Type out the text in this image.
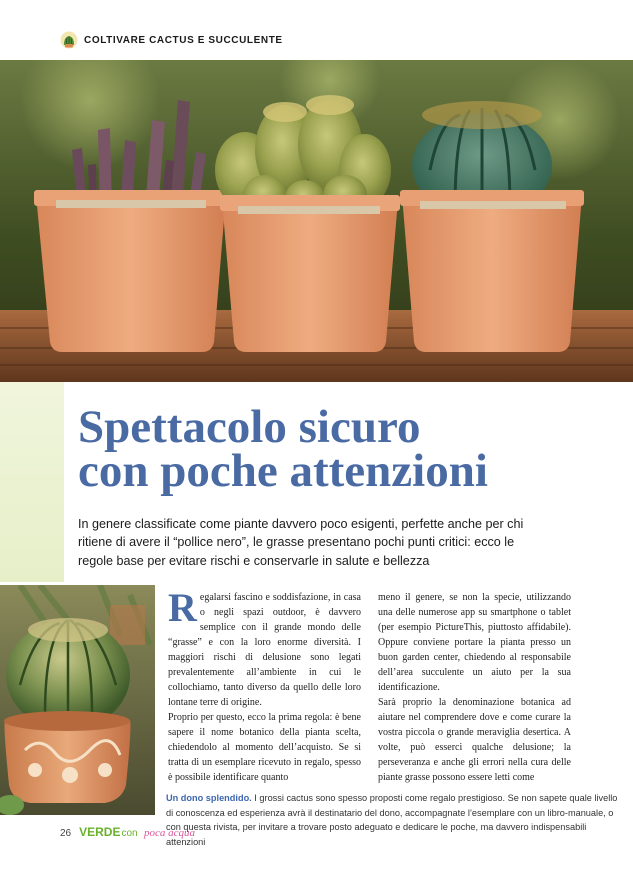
COLTIVARE CACTUS E SUCCULENTE
Spettacolo sicuro
con poche attenzioni

In genere classificate come piante davvero poco esigenti, perfette anche per chi ritiene di avere il “pollice nero”, le grasse presentano pochi punti critici: ecco le regole base per evitare rischi e conservarle in salute e bellezza

Regalarsi fascino e soddisfazione, in casa o negli spazi outdoor, è davvero semplice con il grande mondo delle “grasse” e con la loro enorme diversità. I maggiori rischi di delusione sono legati prevalentemente all’ambiente in cui le collochiamo, tanto diverso da quello delle loro lontane terre di origine.

Proprio per questo, ecco la prima regola: è bene sapere il nome botanico della pianta scelta, chiedendolo al momento dell’acquisto. Se si tratta di un esemplare ricevuto in regalo, spesso è possibile identificare quanto

meno il genere, se non la specie, utilizzando una delle numerose app su smartphone o tablet (per esempio PictureThis, piuttosto affidabile). Oppure conviene portare la pianta presso un buon garden center, chiedendo al responsabile dell’area succulente un aiuto per la sua identificazione.

Sarà proprio la denominazione botanica ad aiutare nel comprendere dove e come curare la vostra piccola o grande meraviglia desertica. A volte, può esserci qualche delusione; la perseveranza e anche gli errori nella cura delle piante grasse possono essere letti come

Un dono splendido. I grossi cactus sono spesso proposti come regalo prestigioso. Se non sapete quale livello di conoscenza ed esperienza avrà il destinatario del dono, accompagnate l’esemplare con un libro-manuale, o con questa rivista, per invitare a trovare posto adeguato e dedicare le poche, ma davvero indispensabili attenzioni

26 VERDEcon poca acqua
